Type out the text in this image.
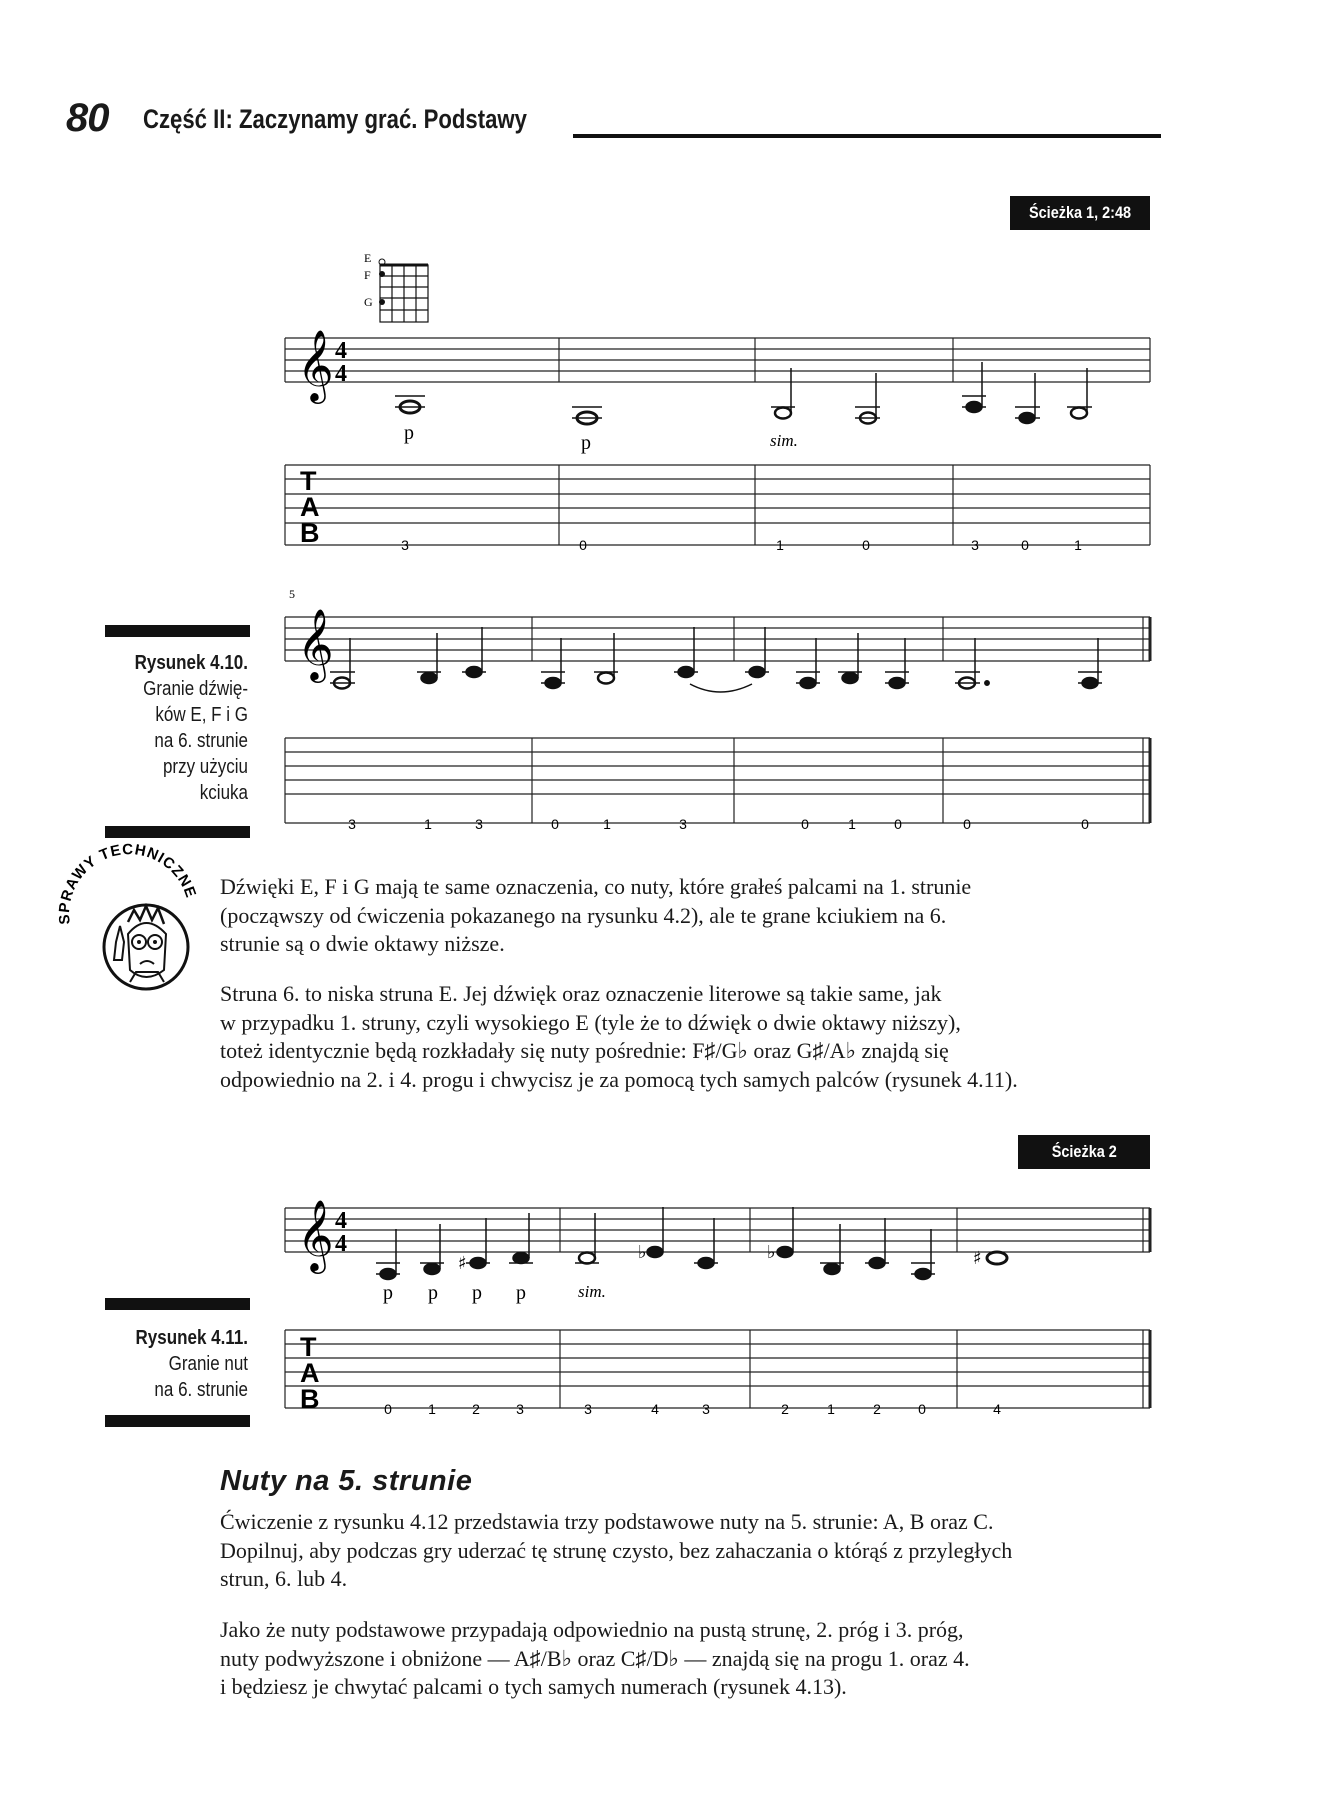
80 Część II: Zaczynamy grać. Podstawy
Ścieżka 1, 2:48
E
F
G
𝄞 4
4
p	p	sim.
T
A
B	3	0	1	0	3	0	1
5
𝄞
3	1	3	0	1	3	0	1	0	0	0
Rysunek 4.10.
Granie dźwię-
ków E, F i G
na 6. strunie
przy użyciu
kciuka
SPRAWY TECHNICZNE Dźwięki E, F i G mają te same oznaczenia, co nuty, które grałeś palcami na 1. strunie

(począwszy od ćwiczenia pokazanego na rysunku 4.2), ale te grane kciukiem na 6.

strunie są o dwie oktawy niższe.

Struna 6. to niska struna E. Jej dźwięk oraz oznaczenie literowe są takie same, jak

w przypadku 1. struny, czyli wysokiego E (tyle że to dźwięk o dwie oktawy niższy),

toteż identycznie będą rozkładały się nuty pośrednie: F♯/G♭ oraz G♯/A♭ znajdą się

odpowiednio na 2. i 4. progu i chwycisz je za pomocą tych samych palców (rysunek 4.11).

Ścieżka 2
𝄞 4
4
♯
♭	♭	♯
p p p p	sim.
T
A
B	0	1	2	3	3	4	3	2	1	2	0	4
Rysunek 4.11.
Granie nut
na 6. strunie
Nuty na 5. strunie

Ćwiczenie z rysunku 4.12 przedstawia trzy podstawowe nuty na 5. strunie: A, B oraz C.

Dopilnuj, aby podczas gry uderzać tę strunę czysto, bez zahaczania o którąś z przyległych

strun, 6. lub 4.

Jako że nuty podstawowe przypadają odpowiednio na pustą strunę, 2. próg i 3. próg,

nuty podwyższone i obniżone — A♯/B♭ oraz C♯/D♭ — znajdą się na progu 1. oraz 4.

i będziesz je chwytać palcami o tych samych numerach (rysunek 4.13).
